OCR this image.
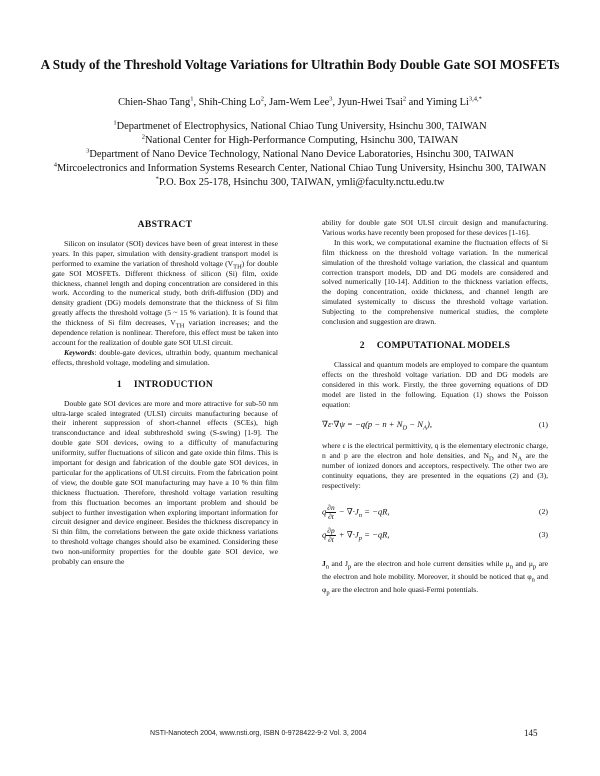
A Study of the Threshold Voltage Variations for Ultrathin Body Double Gate SOI MOSFETs
Chien-Shao Tang$^1$, Shih-Ching Lo$^2$, Jam-Wem Lee$^3$, Jyun-Hwei Tsai$^2$ and Yiming $Li^{3,4,*}$
$^1$Departmenet of Electrophysics, National Chiao Tung University, Hsinchu 300, TAIWAN
$^2$National Center for High-Performance Computing, Hsinchu 300, TAIWAN
$^3$Department of Nano Device Technology, National Nano Device Laboratories, Hsinchu 300, TAIWAN
$^4$Mircoelectronics and Information Systems Research Center, National Chiao Tung University, Hsinchu 300, TAIWAN
*P.O. Box 25-178, Hsinchu 300, TAIWAN, ymli@faculty.nctu.edu.tw
ABSTRACT

Silicon on insulator (SOI) devices have been of great interest in these years. In this paper, simulation with density-gradient transport model is performed to examine the variation of threshold voltage $(V_{TH})$ for double gate SOI MOSFETs. Different thickness of silicon (Si) film, oxide thickness, channel length and doping concentration are considered in this work. According to the numerical study, both drift-diffusion (DD) and density gradient (DG) models demonstrate that the thickness of Si film greatly affects the threshold voltage (5 ~ 15 % variation). It is found that the thickness of Si film decreases, $V_{TH}$ variation increases; and the dependence relation is nonlinear. Therefore, this effect must be taken into account for the realization of double gate SOI ULSI circuit.

Keywords: double-gate devices, ultrathin body, quantum mechanical effects, threshold voltage, modeling and simulation.

1 INTRODUCTION

Double gate SOI devices are more and more attractive for sub-50 nm ultra-large scaled integrated (ULSI) circuits manufacturing because of their inherent suppression of short-channel effects (SCEs), high transconductance and ideal subthreshold swing (S-swing) [1-9]. The double gate SOI devices, owing to a difficulty of manufacturing uniformity, suffer fluctuations of silicon and gate oxide thin films. This is important for design and fabrication of the double gate SOI devices, in particular for the applications of ULSI circuits. From the fabrication point of view, the double gate SOI manufacturing may have a 10 % thin film thickness fluctuation. Therefore, threshold voltage variation resulting from this fluctuation becomes an important problem and should be subject to further investigation when exploring important information for circuit designer and device engineer. Besides the thickness discrepancy in Si thin film, the correlations between the gate oxide thickness variations to threshold voltage changes should also be examined. Considering these two non-uniformity properties for the double gate SOI device, we probably can ensure the

ability for double gate SOI ULSI circuit design and manufacturing. Various works have recently been proposed for these devices [1-16].

In this work, we computational examine the fluctuation effects of Si film thickness on the threshold voltage variation. In the numerical simulation of the threshold voltage variation, the classical and quantum correction transport models, DD and DG models are considered and solved numerically [10-14]. Addition to the thickness variation effects, the doping concentration, oxide thickness, and channel length are simulated systemically to discuss the threshold voltage variation. Subjecting to the comprehensive numerical studies, the complete conclusion and suggestion are drawn.

2 COMPUTATIONAL MODELS

Classical and quantum models are employed to compare the quantum effects on the threshold voltage variation. DD and DG models are considered in this work. Firstly, the three governing equations of DD model are listed in the following. Equation (1) shows the Poisson equation:

$\nabla\varepsilon\cdot\nabla\psi = -q(p - n + N_D - N_A)$,	(1)

where ε is the electrical permittivity, q is the elementary electronic charge, n and p are the electron and hole densities, and $N_D$ and $N_A$ are the number of ionized donors and acceptors, respectively. The other two are continuity equations, they are presented in the equations (2) and (3), respectively:

q $\frac{\partial n}{\partial t} - \nabla\cdot J_n = -qR$,	(2)
q $\frac{\partial p}{\partial t} + \nabla\cdot J_p = -qR$,	(3)

$J_n$ and $J_p$ are the electron and hole current densities while $\mu_n$ and $\mu_p$ are the electron and hole mobility. Moreover, it should be noticed that $\varphi_n$ and $\varphi_p$ are the electron and hole quasi-Fermi potentials.

NSTI-Nanotech 2004, www.nsti.org, ISBN 0-9728422-9-2 Vol. 3, 2004	145
